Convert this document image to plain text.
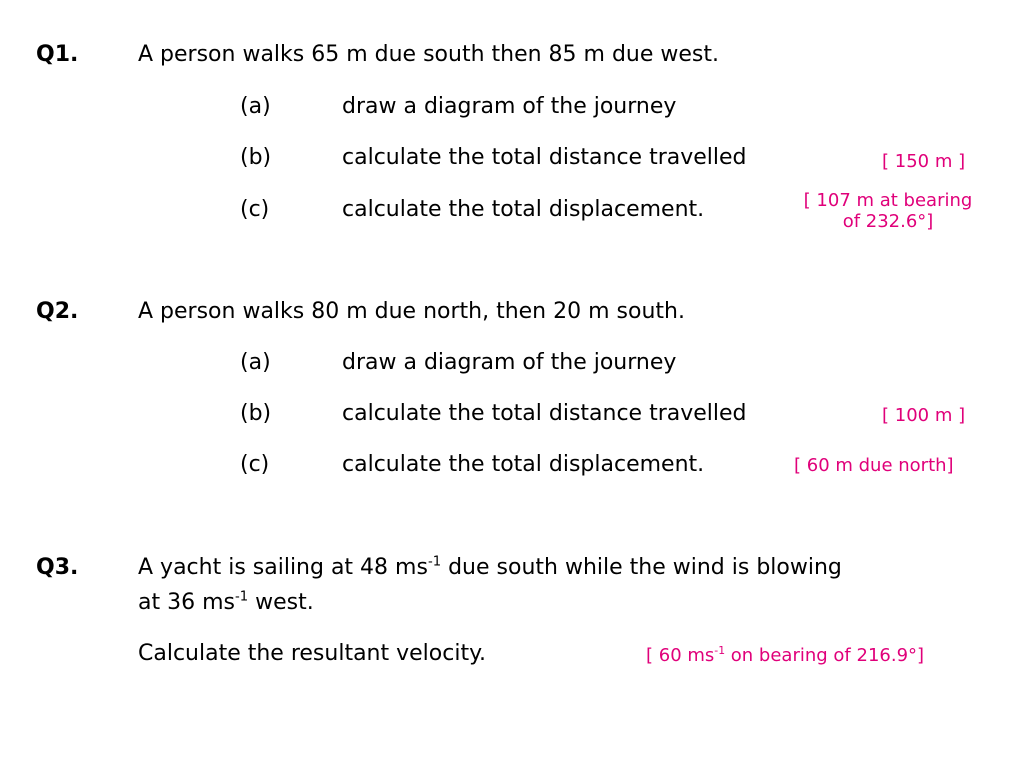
Q1.	A person walks 65 m due south then 85 m due west.
(a)	draw a diagram of the journey
(b)	calculate the total distance travelled	[ 150 m ]
(c)	calculate the total displacement.	[ 107 m at bearing
of 232.6°]
Q2.	A person walks 80 m due north, then 20 m south.
(a)	draw a diagram of the journey
(b)	calculate the total distance travelled	[ 100 m ]
(c)	calculate the total displacement.	[ 60 m due north]
Q3.	A yacht is sailing at 48 $ms^{-1}$ due south while the wind is blowing
at 36 $ms^{-1}$ west.
Calculate the resultant velocity.	[ 60 $ms^{-1}$ on bearing of 216.9°]
